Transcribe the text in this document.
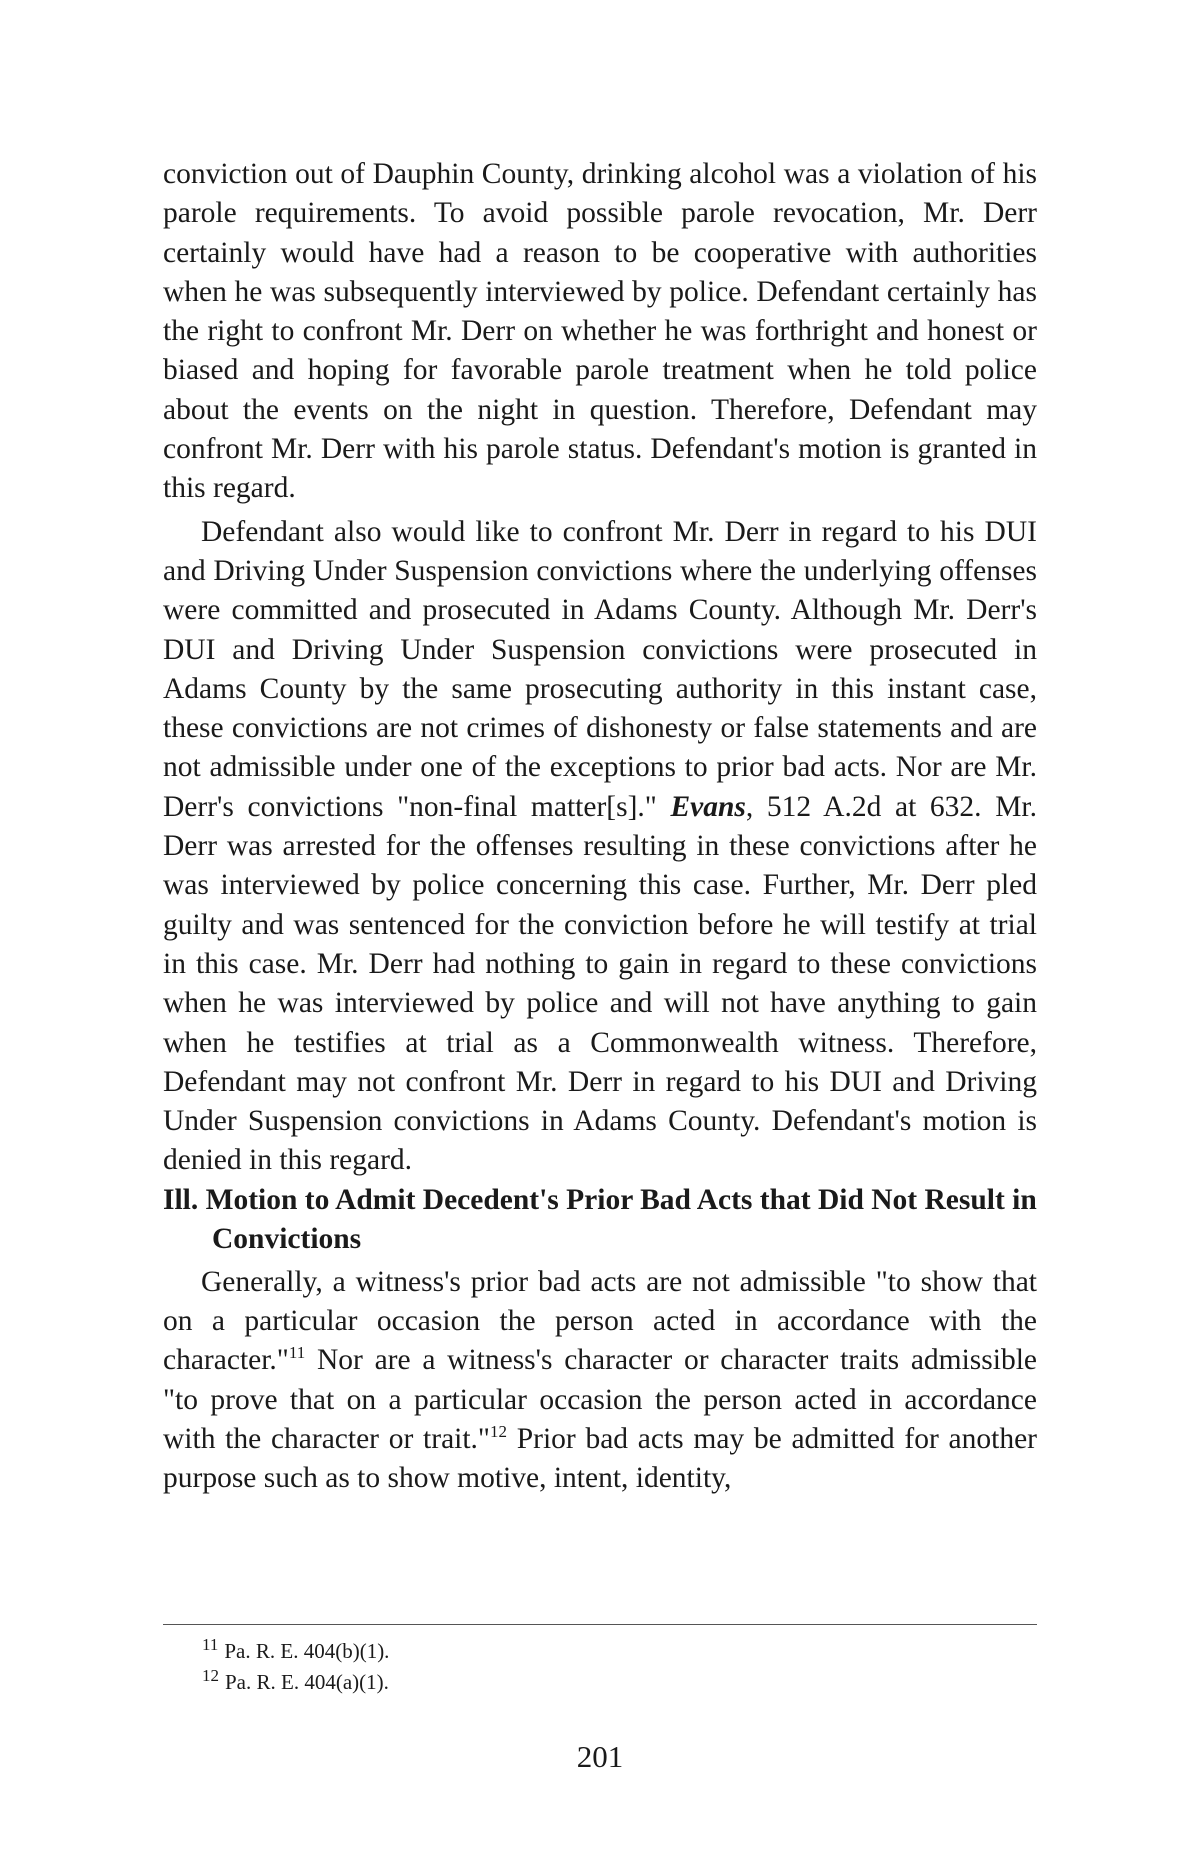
conviction out of Dauphin County, drinking alcohol was a violation of his parole requirements. To avoid possible parole revocation, Mr. Derr certainly would have had a reason to be cooperative with authorities when he was subsequently interviewed by police. Defendant certainly has the right to confront Mr. Derr on whether he was forthright and honest or biased and hoping for favorable parole treatment when he told police about the events on the night in question. Therefore, Defendant may confront Mr. Derr with his parole status. Defendant's motion is granted in this regard.

Defendant also would like to confront Mr. Derr in regard to his DUI and Driving Under Suspension convictions where the underlying offenses were committed and prosecuted in Adams County. Although Mr. Derr's DUI and Driving Under Suspension convictions were prosecuted in Adams County by the same prosecuting authority in this instant case, these convictions are not crimes of dishonesty or false statements and are not admissible under one of the exceptions to prior bad acts. Nor are Mr. Derr's convictions "non-final matter[s]." Evans, 512 A.2d at 632. Mr. Derr was arrested for the offenses resulting in these convictions after he was interviewed by police concerning this case. Further, Mr. Derr pled guilty and was sentenced for the conviction before he will testify at trial in this case. Mr. Derr had nothing to gain in regard to these convictions when he was interviewed by police and will not have anything to gain when he testifies at trial as a Commonwealth witness. Therefore, Defendant may not confront Mr. Derr in regard to his DUI and Driving Under Suspension convictions in Adams County. Defendant's motion is denied in this regard.

Ill. Motion to Admit Decedent's Prior Bad Acts that Did Not Result in Convictions

Generally, a witness's prior bad acts are not admissible "to show that on a particular occasion the person acted in accordance with the character."$^{11}$ Nor are a witness's character or character traits admissible "to prove that on a particular occasion the person acted in accordance with the character or trait."$^{12}$ Prior bad acts may be admitted for another purpose such as to show motive, intent, identity,

$^{11}$ Pa. R. E. 404(b)(1).
$^{12}$ Pa. R. E. 404(a)(1).
201
